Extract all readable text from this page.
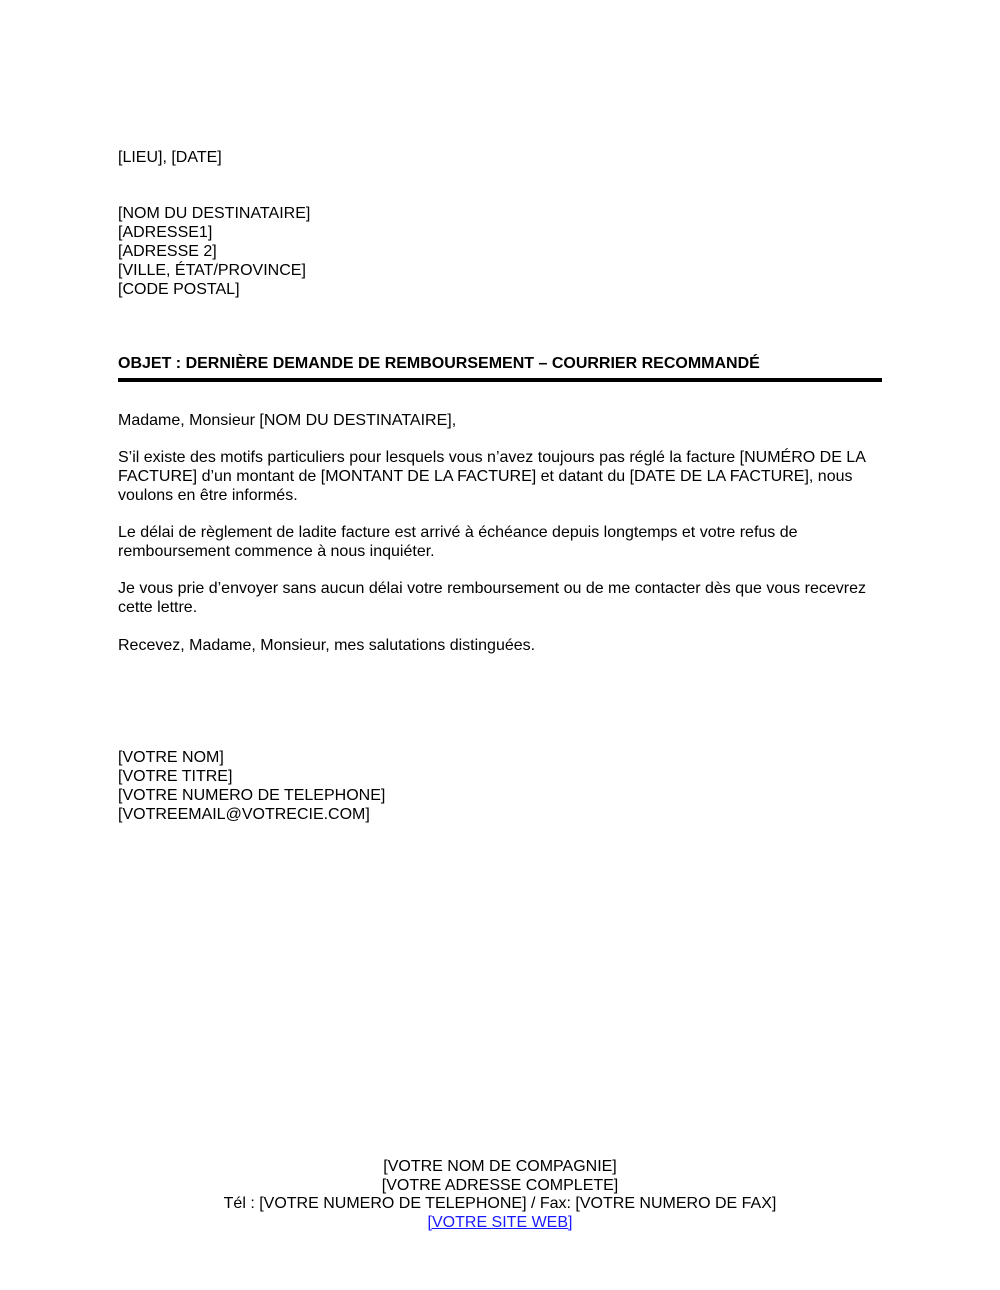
[LIEU], [DATE]
[NOM DU DESTINATAIRE]
[ADRESSE1]
[ADRESSE 2]
[VILLE, ÉTAT/PROVINCE]
[CODE POSTAL]
OBJET : DERNIÈRE DEMANDE DE REMBOURSEMENT – COURRIER RECOMMANDÉ
Madame, Monsieur [NOM DU DESTINATAIRE],
S’il existe des motifs particuliers pour lesquels vous n’avez toujours pas réglé la facture [NUMÉRO DE LA FACTURE] d’un montant de [MONTANT DE LA FACTURE] et datant du [DATE DE LA FACTURE], nous voulons en être informés.
Le délai de règlement de ladite facture est arrivé à échéance depuis longtemps et votre refus de remboursement commence à nous inquiéter.
Je vous prie d’envoyer sans aucun délai votre remboursement ou de me contacter dès que vous recevrez cette lettre.
Recevez, Madame, Monsieur, mes salutations distinguées.
[VOTRE NOM]
[VOTRE TITRE]
[VOTRE NUMERO DE TELEPHONE]
[VOTREEMAIL@VOTRECIE.COM]
[VOTRE NOM DE COMPAGNIE]
[VOTRE ADRESSE COMPLETE]
Tél : [VOTRE NUMERO DE TELEPHONE] / Fax: [VOTRE NUMERO DE FAX]
[VOTRE SITE WEB]
